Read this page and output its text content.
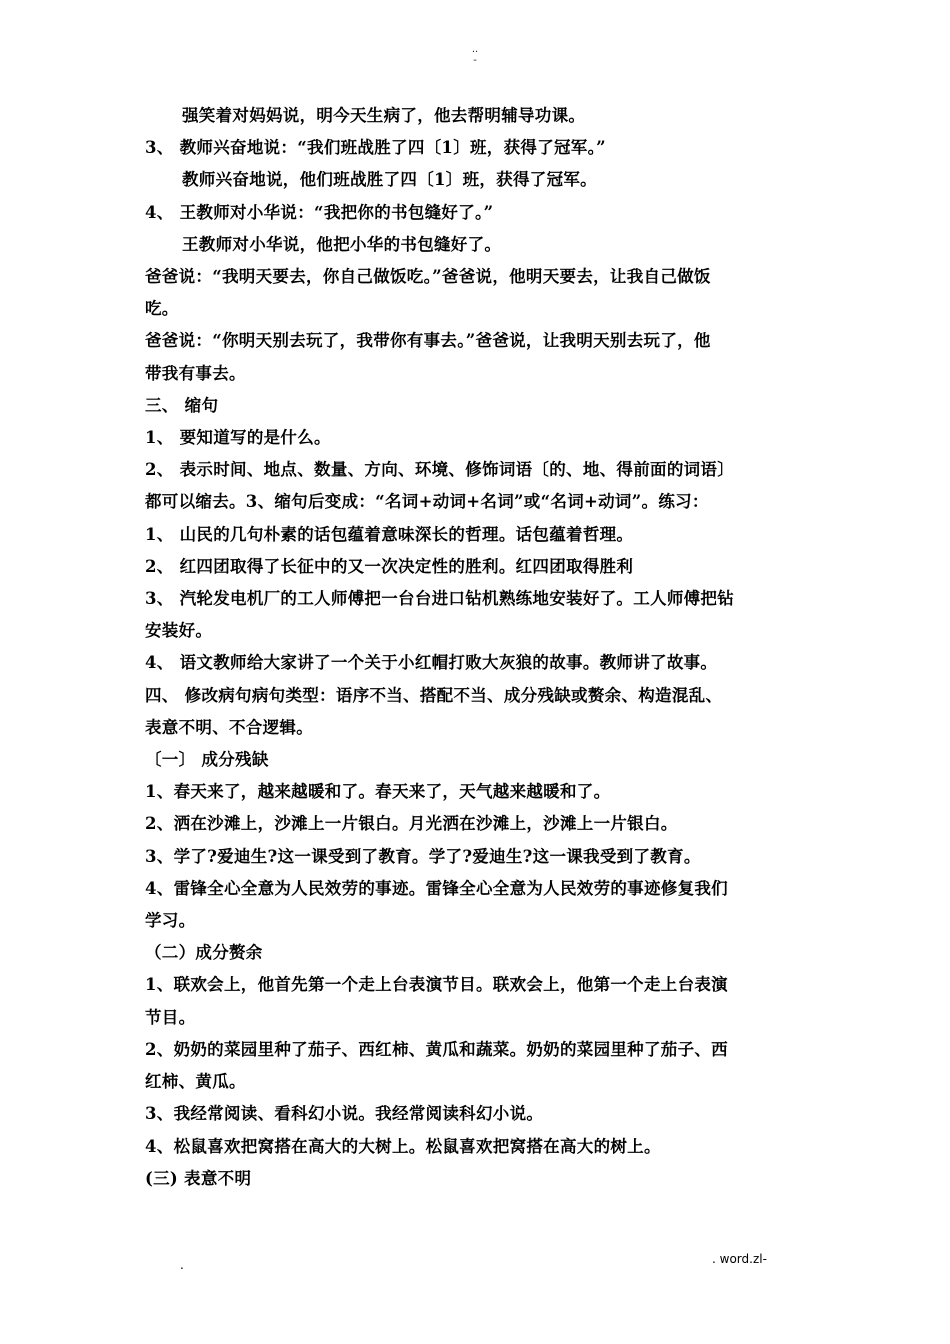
..
-
强笑着对妈妈说，明今天生病了，他去帮明辅导功课。
3、 教师兴奋地说：“我们班战胜了四〔1〕班，获得了冠军。”
教师兴奋地说，他们班战胜了四〔1〕班，获得了冠军。
4、 王教师对小华说：“我把你的书包缝好了。”
王教师对小华说，他把小华的书包缝好了。
爸爸说：“我明天要去，你自己做饭吃。”爸爸说，他明天要去，让我自己做饭
吃。
爸爸说：“你明天别去玩了，我带你有事去。”爸爸说，让我明天别去玩了，他
带我有事去。
三、 缩句
1、 要知道写的是什么。
2、 表示时间、地点、数量、方向、环境、修饰词语〔的、地、得前面的词语〕
都可以缩去。3、缩句后变成：“名词+动词+名词”或“名词+动词”。练习：
1、 山民的几句朴素的话包蕴着意味深长的哲理。话包蕴着哲理。
2、 红四团取得了长征中的又一次决定性的胜利。红四团取得胜利
3、 汽轮发电机厂的工人师傅把一台台进口钻机熟练地安装好了。工人师傅把钻
安装好。
4、 语文教师给大家讲了一个关于小红帽打败大灰狼的故事。教师讲了故事。
四、 修改病句病句类型：语序不当、搭配不当、成分残缺或赘余、构造混乱、
表意不明、不合逻辑。
〔一〕 成分残缺
1、春天来了，越来越暖和了。春天来了，天气越来越暖和了。
2、洒在沙滩上，沙滩上一片银白。月光洒在沙滩上，沙滩上一片银白。
3、学了?爱迪生?这一课受到了教育。学了?爱迪生?这一课我受到了教育。
4、雷锋全心全意为人民效劳的事迹。雷锋全心全意为人民效劳的事迹修复我们
学习。
（二）成分赘余
1、联欢会上，他首先第一个走上台表演节目。联欢会上，他第一个走上台表演
节目。
2、奶奶的菜园里种了茄子、西红柿、黄瓜和蔬菜。奶奶的菜园里种了茄子、西
红柿、黄瓜。
3、我经常阅读、看科幻小说。我经常阅读科幻小说。
4、松鼠喜欢把窝搭在高大的大树上。松鼠喜欢把窝搭在高大的树上。
(三) 表意不明
.	. word.zl-
